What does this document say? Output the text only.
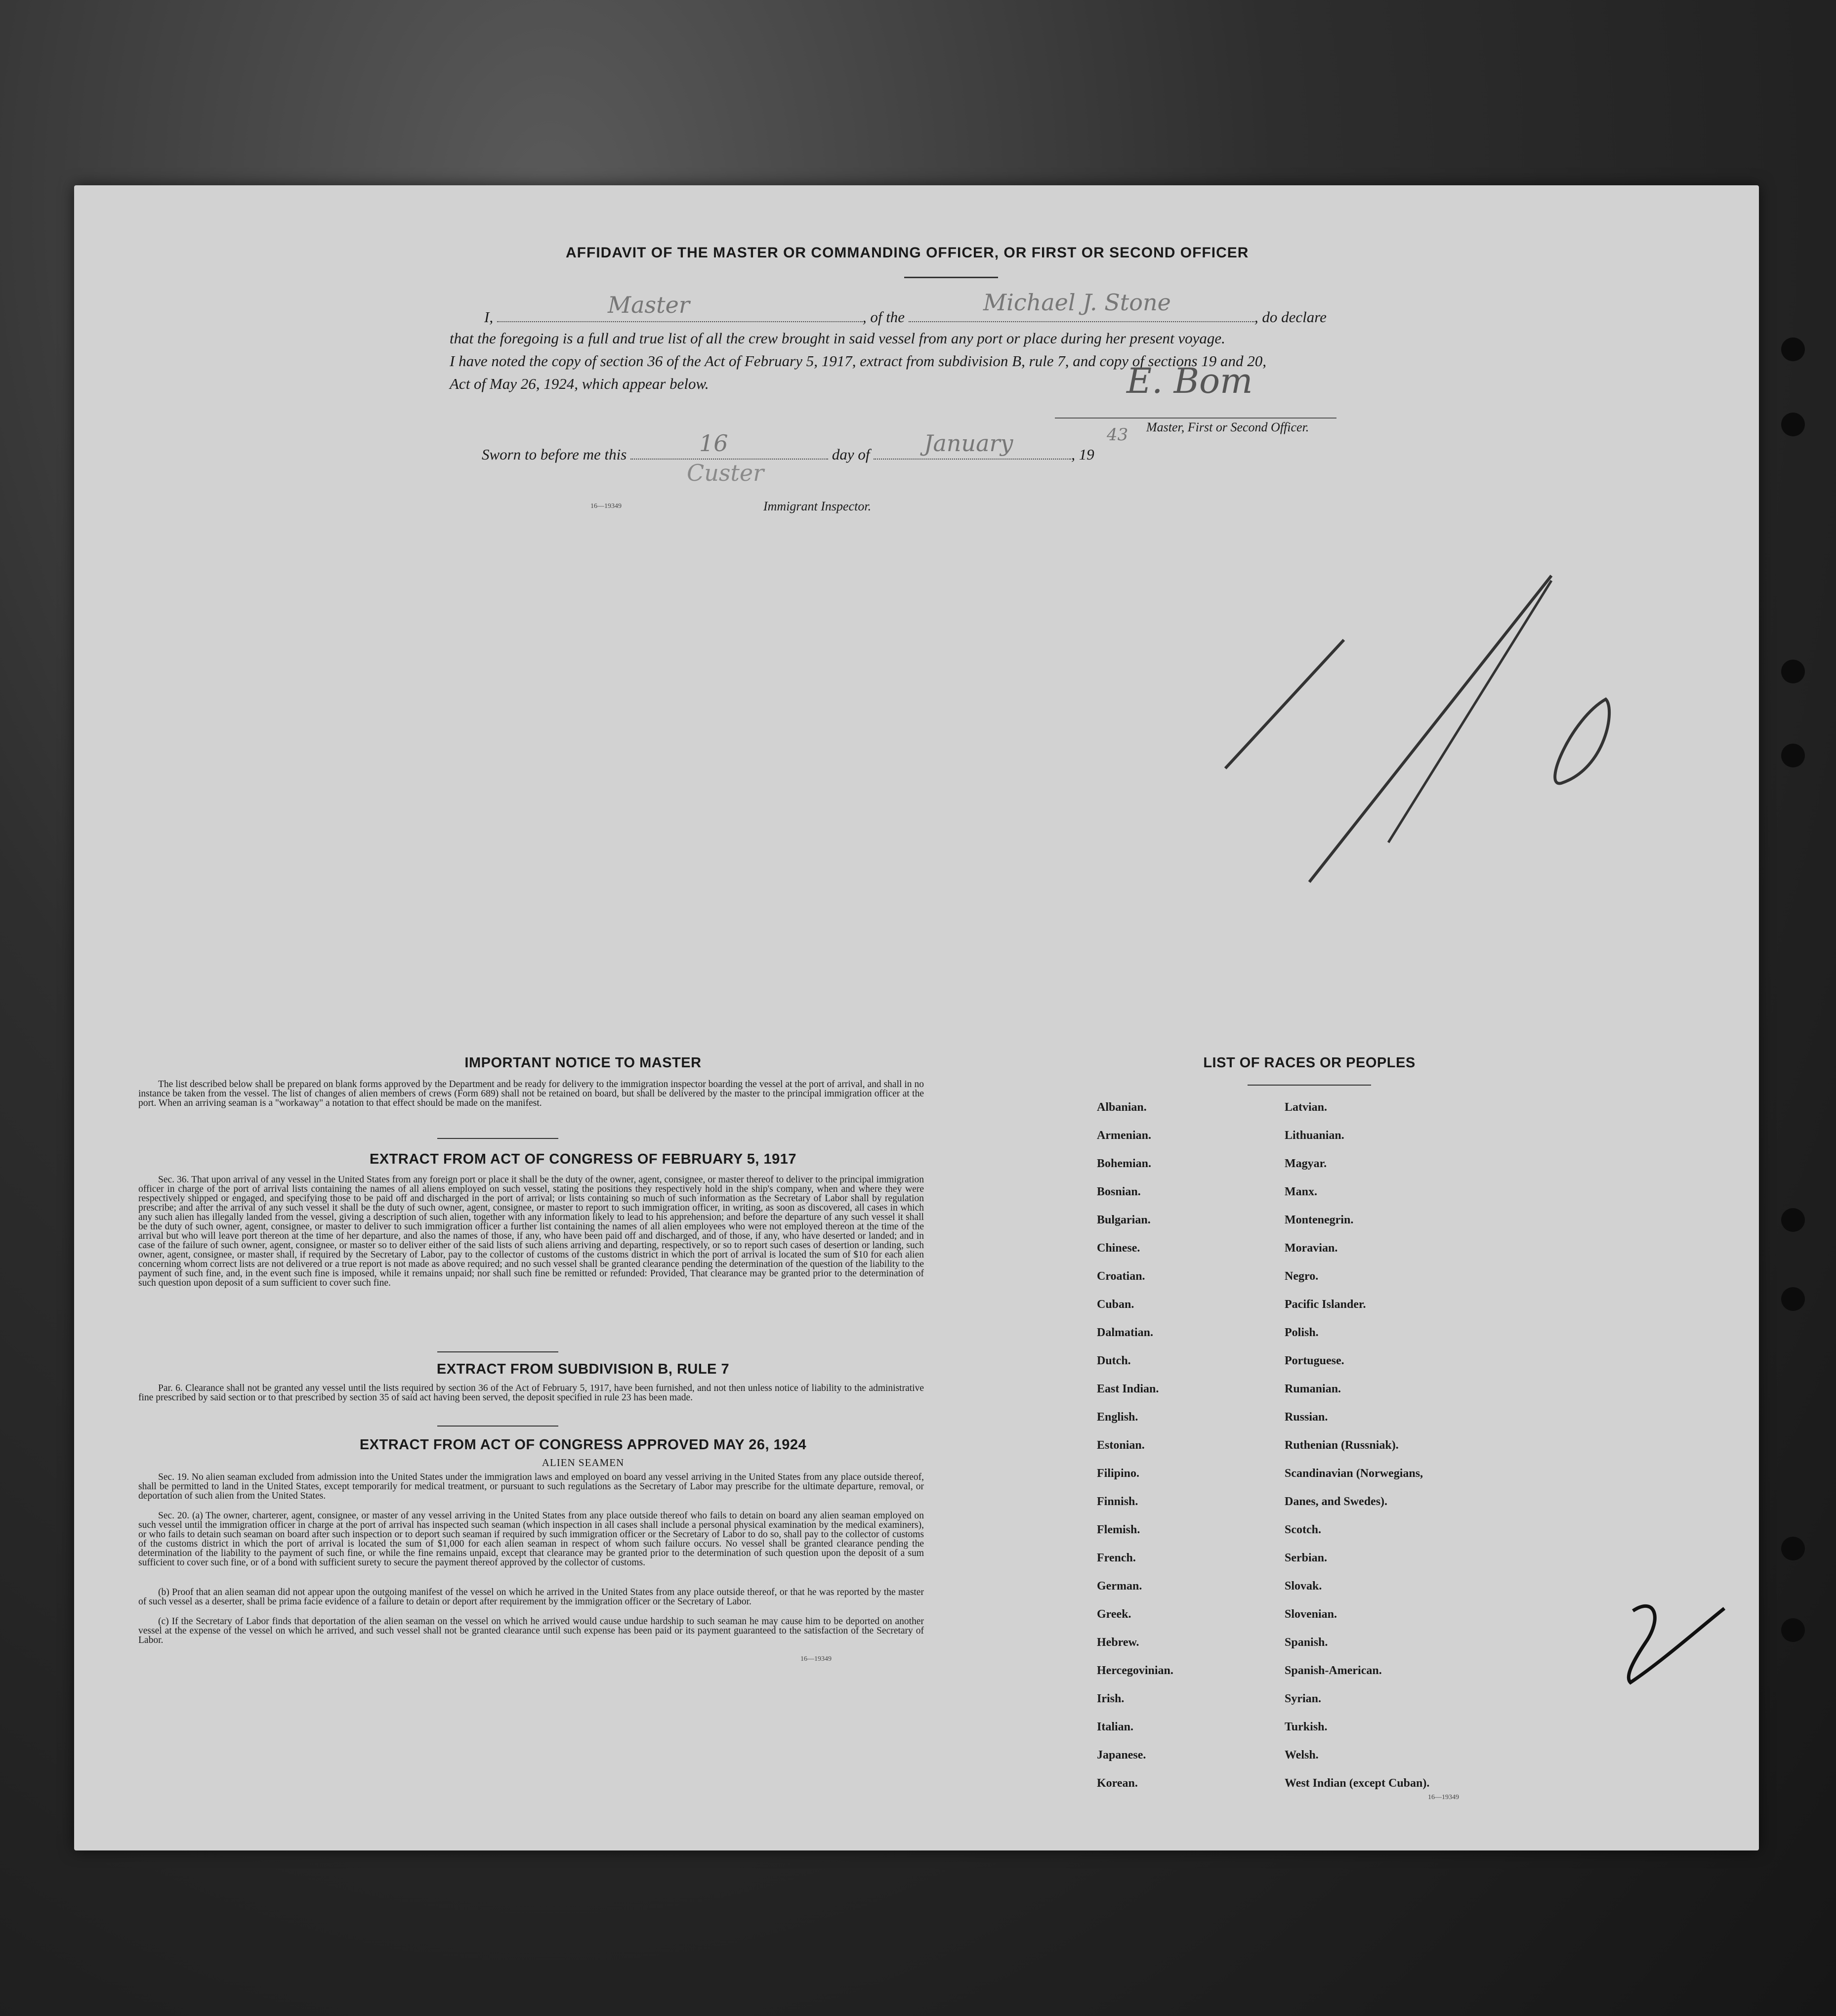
AFFIDAVIT OF THE MASTER OR COMMANDING OFFICER, OR FIRST OR SECOND OFFICER
I,	, of the	, do declare
Master	Michael J. Stone
that the foregoing is a full and true list of all the crew brought in said vessel from any port or place during her present voyage.
I have noted the copy of section 36 of the Act of February 5, 1917, extract from subdivision B, rule 7, and copy of sections 19 and 20,
Act of May 26, 1924, which appear below.	E. Bom
Master, First or Second Officer.
Sworn to before me this	day of	, 19
16	January	43
Custer
16—19349	Immigrant Inspector.
IMPORTANT NOTICE TO MASTER
The list described below shall be prepared on blank forms approved by the Department and be ready for delivery to the immigration inspector boarding the vessel at the port of arrival, and shall in no instance be taken from the vessel. The list of changes of alien members of crews (Form 689) shall not be retained on board, but shall be delivered by the master to the principal immigration officer at the port. When an arriving seaman is a "workaway" a notation to that effect should be made on the manifest.
EXTRACT FROM ACT OF CONGRESS OF FEBRUARY 5, 1917
Sec. 36. That upon arrival of any vessel in the United States from any foreign port or place it shall be the duty of the owner, agent, consignee, or master thereof to deliver to the principal immigration officer in charge of the port of arrival lists containing the names of all aliens employed on such vessel, stating the positions they respectively hold in the ship's company, when and where they were respectively shipped or engaged, and specifying those to be paid off and discharged in the port of arrival; or lists containing so much of such information as the Secretary of Labor shall by regulation prescribe; and after the arrival of any such vessel it shall be the duty of such owner, agent, consignee, or master to report to such immigration officer, in writing, as soon as discovered, all cases in which any such alien has illegally landed from the vessel, giving a description of such alien, together with any information likely to lead to his apprehension; and before the departure of any such vessel it shall be the duty of such owner, agent, consignee, or master to deliver to such immigration officer a further list containing the names of all alien employees who were not employed thereon at the time of the arrival but who will leave port thereon at the time of her departure, and also the names of those, if any, who have been paid off and discharged, and of those, if any, who have deserted or landed; and in case of the failure of such owner, agent, consignee, or master so to deliver either of the said lists of such aliens arriving and departing, respectively, or so to report such cases of desertion or landing, such owner, agent, consignee, or master shall, if required by the Secretary of Labor, pay to the collector of customs of the customs district in which the port of arrival is located the sum of $10 for each alien concerning whom correct lists are not delivered or a true report is not made as above required; and no such vessel shall be granted clearance pending the determination of the question of the liability to the payment of such fine, and, in the event such fine is imposed, while it remains unpaid; nor shall such fine be remitted or refunded: Provided, That clearance may be granted prior to the determination of such question upon deposit of a sum sufficient to cover such fine.
EXTRACT FROM SUBDIVISION B, RULE 7
Par. 6. Clearance shall not be granted any vessel until the lists required by section 36 of the Act of February 5, 1917, have been furnished, and not then unless notice of liability to the administrative fine prescribed by said section or to that prescribed by section 35 of said act having been served, the deposit specified in rule 23 has been made.
EXTRACT FROM ACT OF CONGRESS APPROVED MAY 26, 1924
ALIEN SEAMEN
Sec. 19. No alien seaman excluded from admission into the United States under the immigration laws and employed on board any vessel arriving in the United States from any place outside thereof, shall be permitted to land in the United States, except temporarily for medical treatment, or pursuant to such regulations as the Secretary of Labor may prescribe for the ultimate departure, removal, or deportation of such alien from the United States.
Sec. 20. (a) The owner, charterer, agent, consignee, or master of any vessel arriving in the United States from any place outside thereof who fails to detain on board any alien seaman employed on such vessel until the immigration officer in charge at the port of arrival has inspected such seaman (which inspection in all cases shall include a personal physical examination by the medical examiners), or who fails to detain such seaman on board after such inspection or to deport such seaman if required by such immigration officer or the Secretary of Labor to do so, shall pay to the collector of customs of the customs district in which the port of arrival is located the sum of $1,000 for each alien seaman in respect of whom such failure occurs. No vessel shall be granted clearance pending the determination of the liability to the payment of such fine, or while the fine remains unpaid, except that clearance may be granted prior to the determination of such question upon the deposit of a sum sufficient to cover such fine, or of a bond with sufficient surety to secure the payment thereof approved by the collector of customs.
(b) Proof that an alien seaman did not appear upon the outgoing manifest of the vessel on which he arrived in the United States from any place outside thereof, or that he was reported by the master of such vessel as a deserter, shall be prima facie evidence of a failure to detain or deport after requirement by the immigration officer or the Secretary of Labor.
(c) If the Secretary of Labor finds that deportation of the alien seaman on the vessel on which he arrived would cause undue hardship to such seaman he may cause him to be deported on another vessel at the expense of the vessel on which he arrived, and such vessel shall not be granted clearance until such expense has been paid or its payment guaranteed to the satisfaction of the Secretary of Labor.
16—19349
LIST OF RACES OR PEOPLES
Albanian.	Latvian.
Armenian.	Lithuanian.
Bohemian.	Magyar.
Bosnian.	Manx.
Bulgarian.	Montenegrin.
Chinese.	Moravian.
Croatian.	Negro.
Cuban.	Pacific Islander.
Dalmatian.	Polish.
Dutch.	Portuguese.
East Indian.	Rumanian.
English.	Russian.
Estonian.	Ruthenian (Russniak).
Filipino.	Scandinavian (Norwegians,
Finnish.	Danes, and Swedes).
Flemish.	Scotch.
French.	Serbian.
German.	Slovak.
Greek.	Slovenian.
Hebrew.	Spanish.
Hercegovinian.	Spanish-American.
Irish.	Syrian.
Italian.	Turkish.
Japanese.	Welsh.
Korean.	West Indian (except Cuban).
16—19349
